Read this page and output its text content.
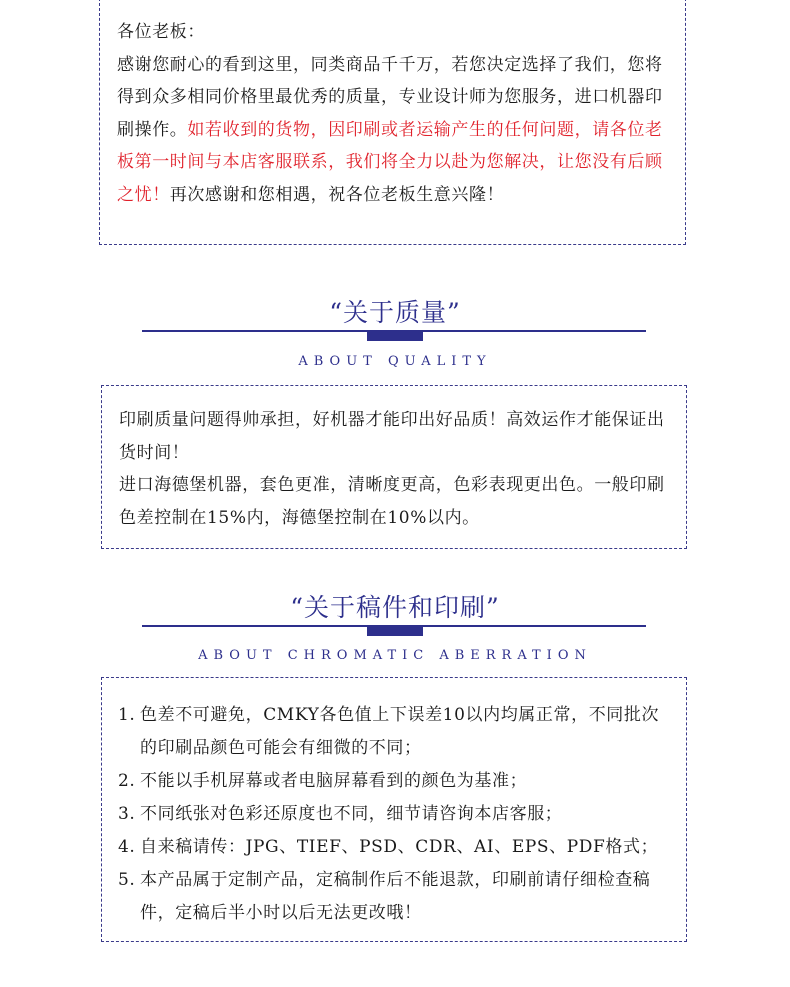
各位老板：

感谢您耐心的看到这里，同类商品千千万，若您决定选择了我们，您将得到众多相同价格里最优秀的质量，专业设计师为您服务，进口机器印刷操作。如若收到的货物，因印刷或者运输产生的任何问题，请各位老板第一时间与本店客服联系，我们将全力以赴为您解决，让您没有后顾之忧！再次感谢和您相遇，祝各位老板生意兴隆！

“关于质量”
ABOUT QUALITY

印刷质量问题得帅承担，好机器才能印出好品质！高效运作才能保证出货时间！

进口海德堡机器，套色更准，清晰度更高，色彩表现更出色。一般印刷色差控制在15%内，海德堡控制在10%以内。

“关于稿件和印刷”
ABOUT CHROMATIC ABERRATION
1. 色差不可避免，CMKY各色值上下误差10以内均属正常，不同批次的印刷品颜色可能会有细微的不同；
2. 不能以手机屏幕或者电脑屏幕看到的颜色为基准；
3. 不同纸张对色彩还原度也不同，细节请咨询本店客服；
4. 自来稿请传：JPG、TIEF、PSD、CDR、AI、EPS、PDF格式；
5. 本产品属于定制产品，定稿制作后不能退款，印刷前请仔细检查稿件，定稿后半小时以后无法更改哦！
